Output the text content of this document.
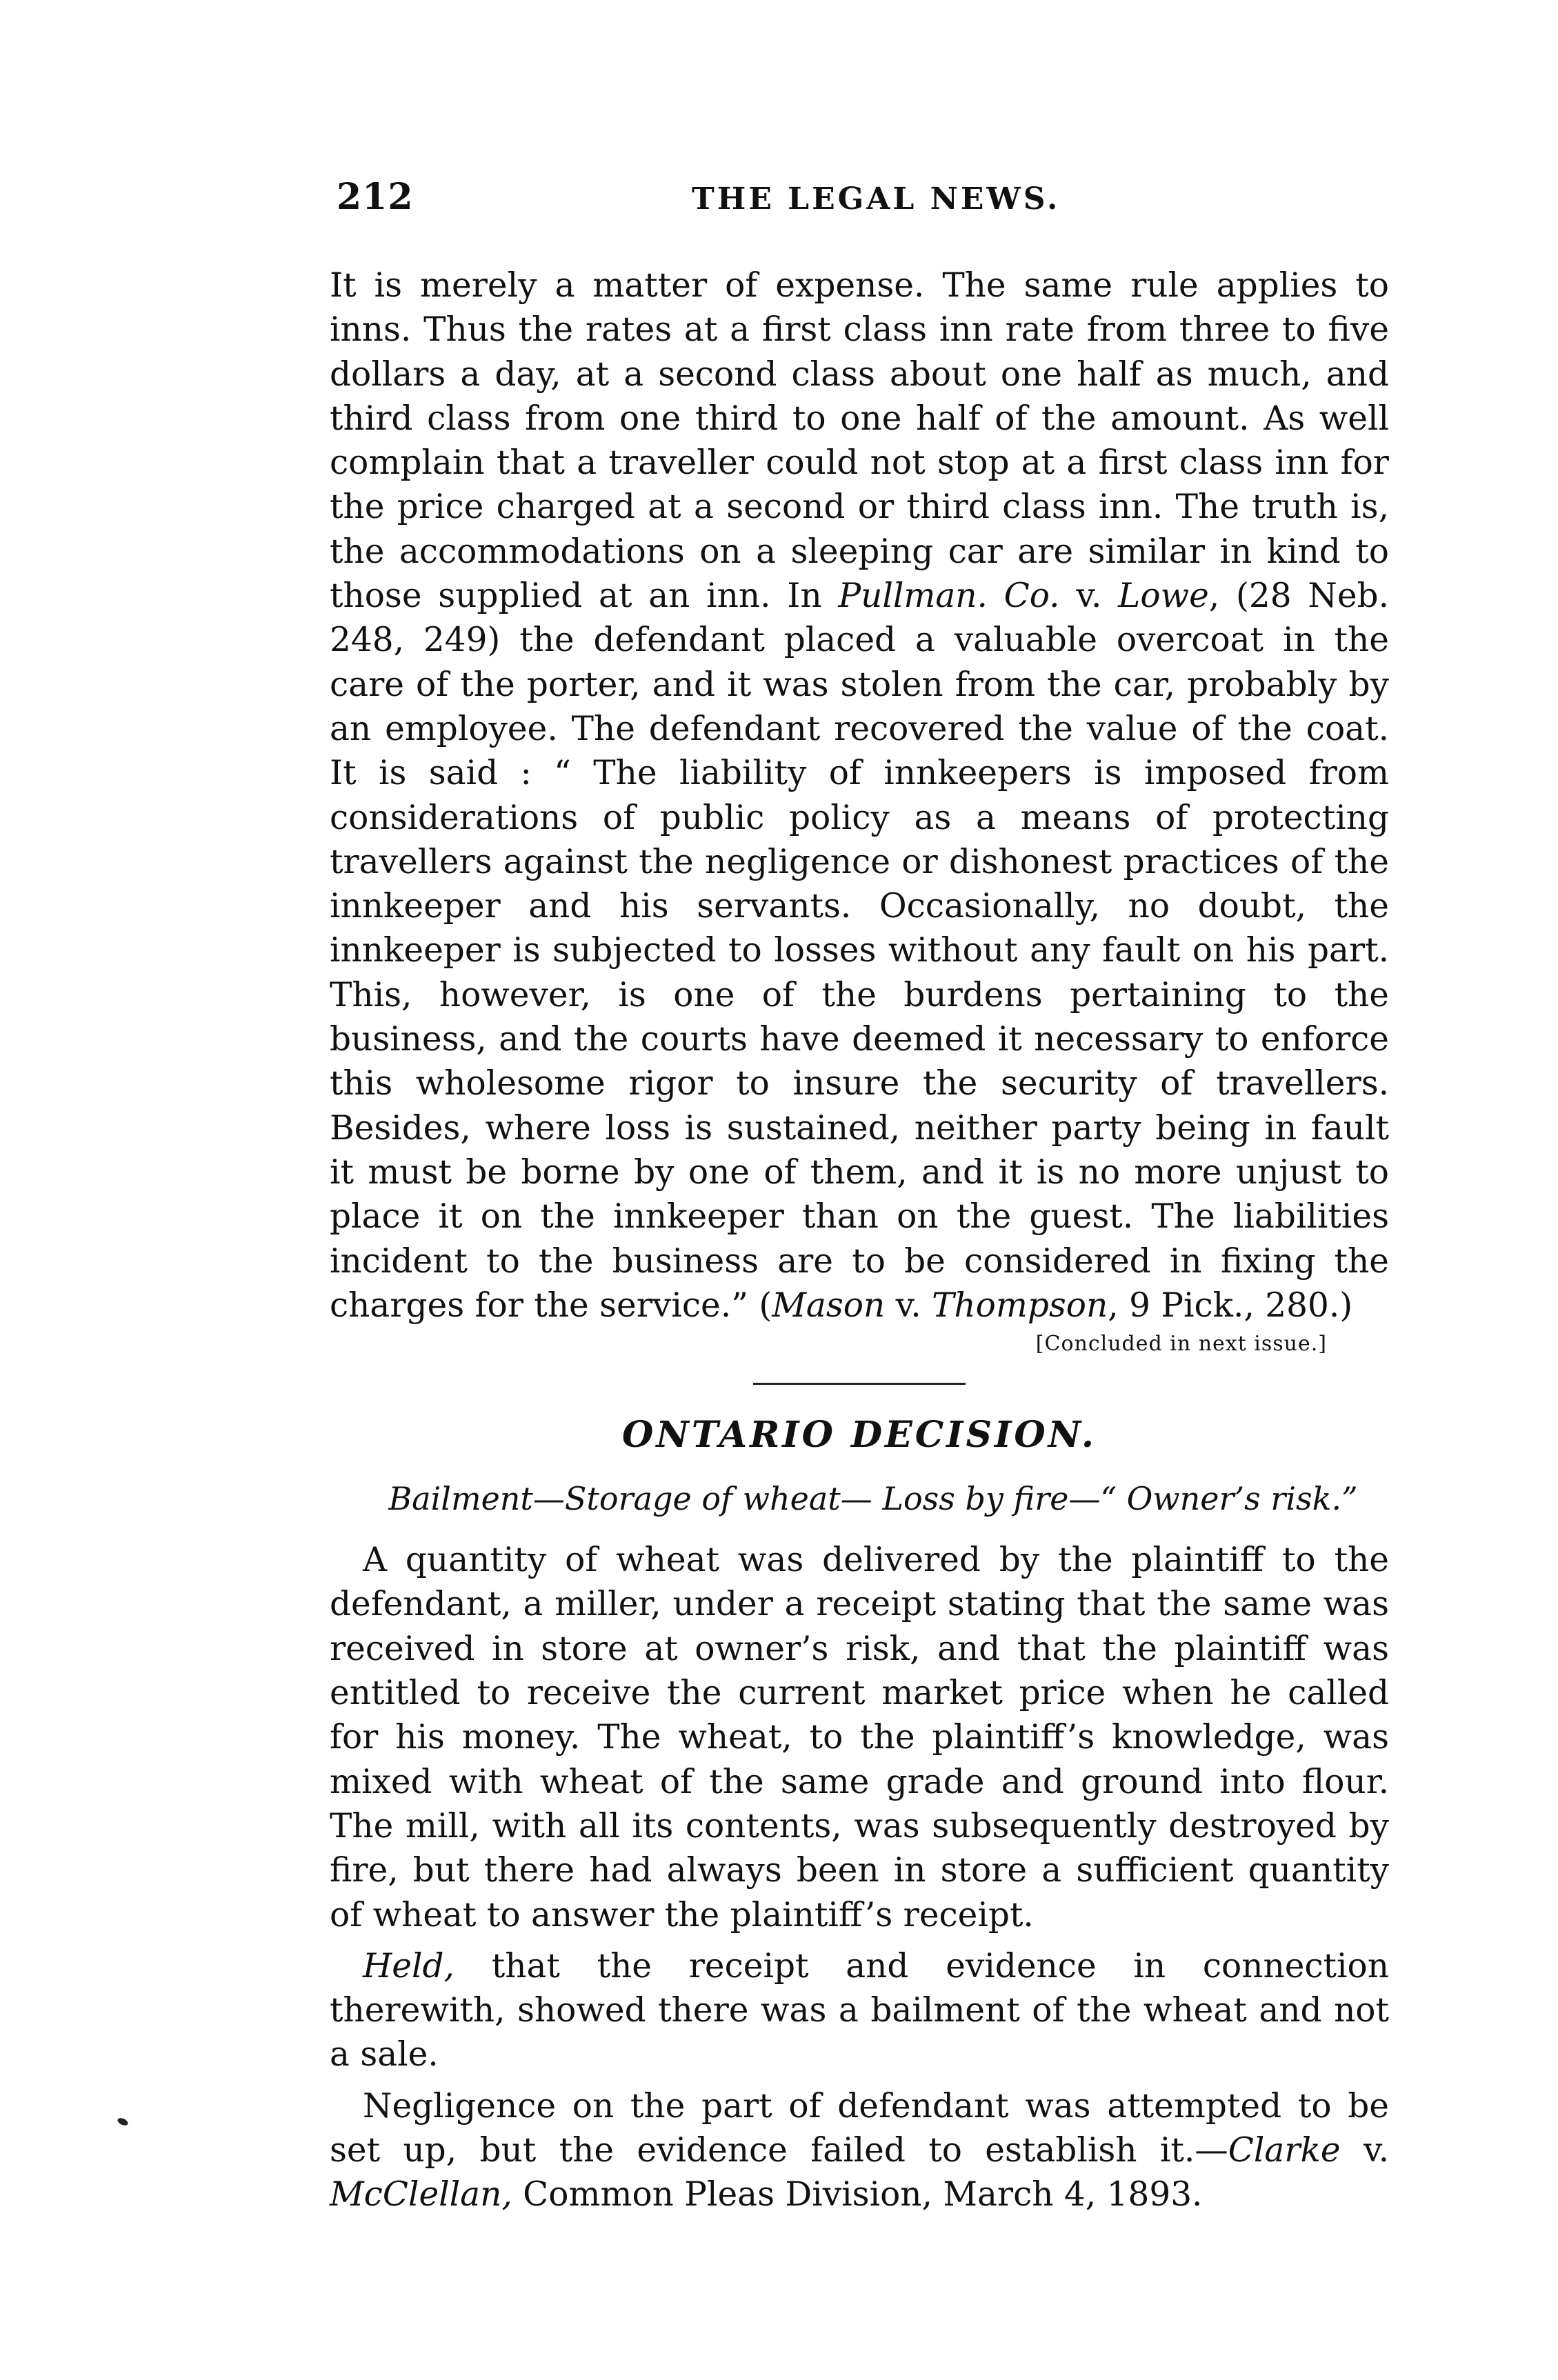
212	THE LEGAL NEWS.

It is merely a matter of expense. The same rule applies to inns. Thus the rates at a first class inn rate from three to five dollars a day, at a second class about one half as much, and third class from one third to one half of the amount. As well complain that a traveller could not stop at a first class inn for the price charged at a second or third class inn. The truth is, the accommodations on a sleeping car are similar in kind to those supplied at an inn. In Pullman. Co. v. Lowe, (28 Neb. 248, 249) the defendant placed a valuable overcoat in the care of the porter, and it was stolen from the car, probably by an employee. The defendant recovered the value of the coat. It is said : “ The liability of innkeepers is imposed from considerations of public policy as a means of protecting travellers against the negligence or dishonest practices of the innkeeper and his servants. Occasionally, no doubt, the innkeeper is subjected to losses without any fault on his part. This, however, is one of the burdens pertaining to the business, and the courts have deemed it necessary to enforce this wholesome rigor to insure the security of travellers. Besides, where loss is sustained, neither party being in fault it must be borne by one of them, and it is no more unjust to place it on the innkeeper than on the guest. The liabilities incident to the business are to be considered in fixing the charges for the service.” (Mason v. Thompson, 9 Pick., 280.)

[Concluded in next issue.]

ONTARIO DECISION.

Bailment—Storage of wheat— Loss by fire—“ Owner’s risk.”

A quantity of wheat was delivered by the plaintiff to the defendant, a miller, under a receipt stating that the same was received in store at owner’s risk, and that the plaintiff was entitled to receive the current market price when he called for his money. The wheat, to the plaintiff’s knowledge, was mixed with wheat of the same grade and ground into flour. The mill, with all its contents, was subsequently destroyed by fire, but there had always been in store a sufficient quantity of wheat to answer the plaintiff’s receipt.

Held, that the receipt and evidence in connection therewith, showed there was a bailment of the wheat and not a sale.

Negligence on the part of defendant was attempted to be set up, but the evidence failed to establish it.—Clarke v. McClellan, Common Pleas Division, March 4, 1893.
